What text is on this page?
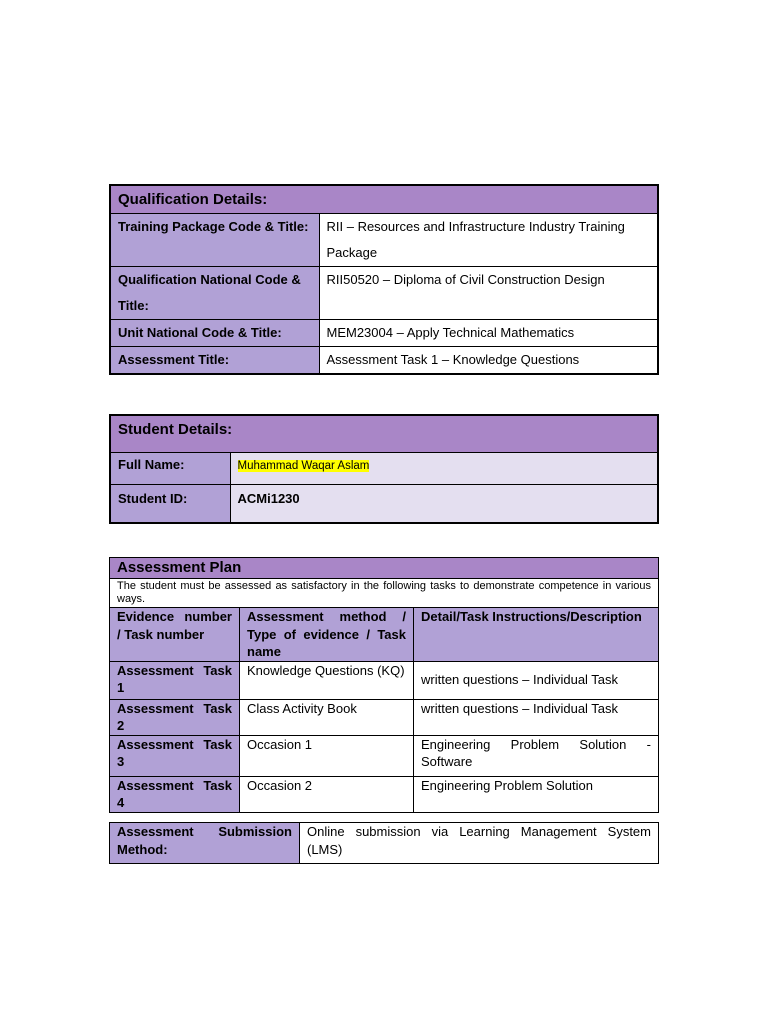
Qualification Details:	
Training Package Code & Title:	RII – Resources and Infrastructure Industry Training Package
Qualification National Code & Title:	RII50520 – Diploma of Civil Construction Design
Unit National Code & Title:	MEM23004 – Apply Technical Mathematics
Assessment Title:	Assessment Task 1 – Knowledge Questions
Student Details:	
Full Name:	Muhammad Waqar Aslam
Student ID:	ACMi1230
Assessment Plan		
The student must be assessed as satisfactory in the following tasks to demonstrate competence in various ways.		
Evidence number / Task number	Assessment method / Type of evidence / Task name	Detail/Task Instructions/Description
Assessment Task 1	Knowledge Questions (KQ)	written questions – Individual Task
Assessment Task 2	Class Activity Book	written questions – Individual Task
Assessment Task 3	Occasion 1	Engineering Problem Solution - Software
Assessment Task 4	Occasion 2	Engineering Problem Solution
Assessment Submission Method:	Online submission via Learning Management System (LMS)
